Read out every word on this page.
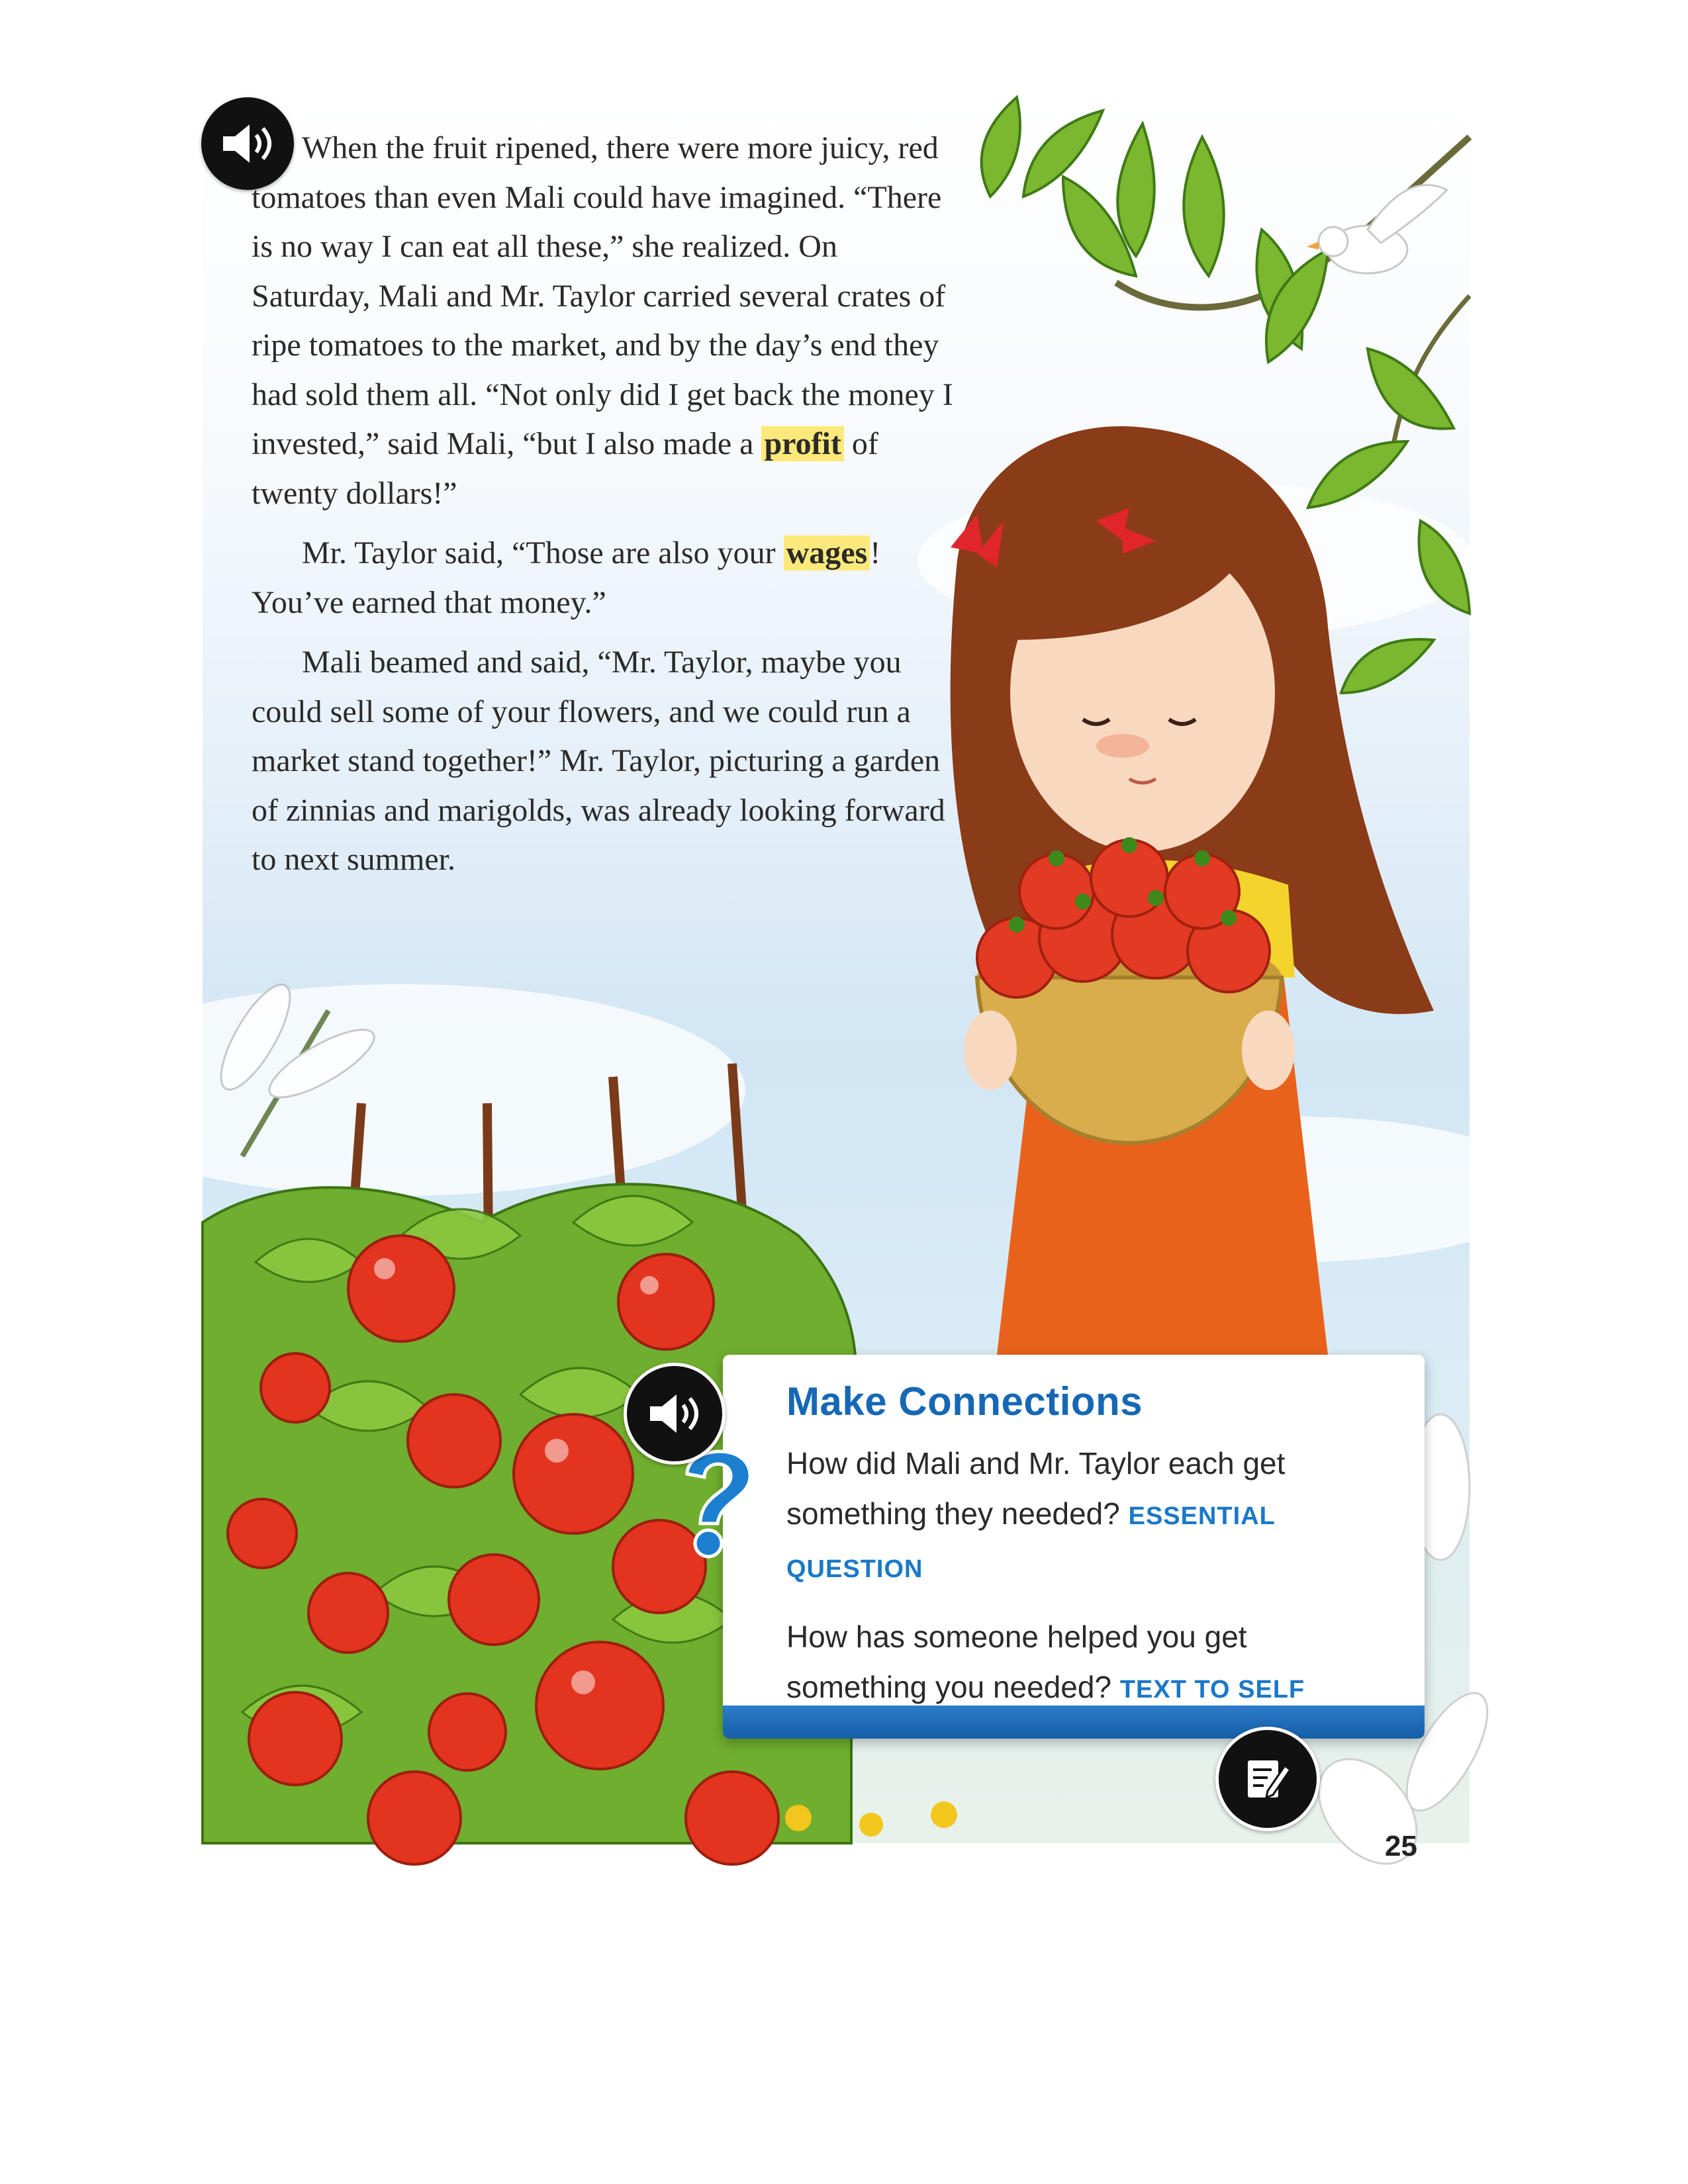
When the fruit ripened, there were more juicy, red tomatoes than even Mali could have imagined. “There is no way I can eat all these,” she realized. On Saturday, Mali and Mr. Taylor carried several crates of ripe tomatoes to the market, and by the day’s end they had sold them all. “Not only did I get back the money I invested,” said Mali, “but I also made a profit of twenty dollars!”

Mr. Taylor said, “Those are also your wages! You’ve earned that money.”

Mali beamed and said, “Mr. Taylor, maybe you could sell some of your flowers, and we could run a market stand together!” Mr. Taylor, picturing a garden of zinnias and marigolds, was already looking forward to next summer.

Make Connections

How did Mali and Mr. Taylor each get something they needed? ESSENTIAL QUESTION

How has someone helped you get something you needed? TEXT TO SELF

25
